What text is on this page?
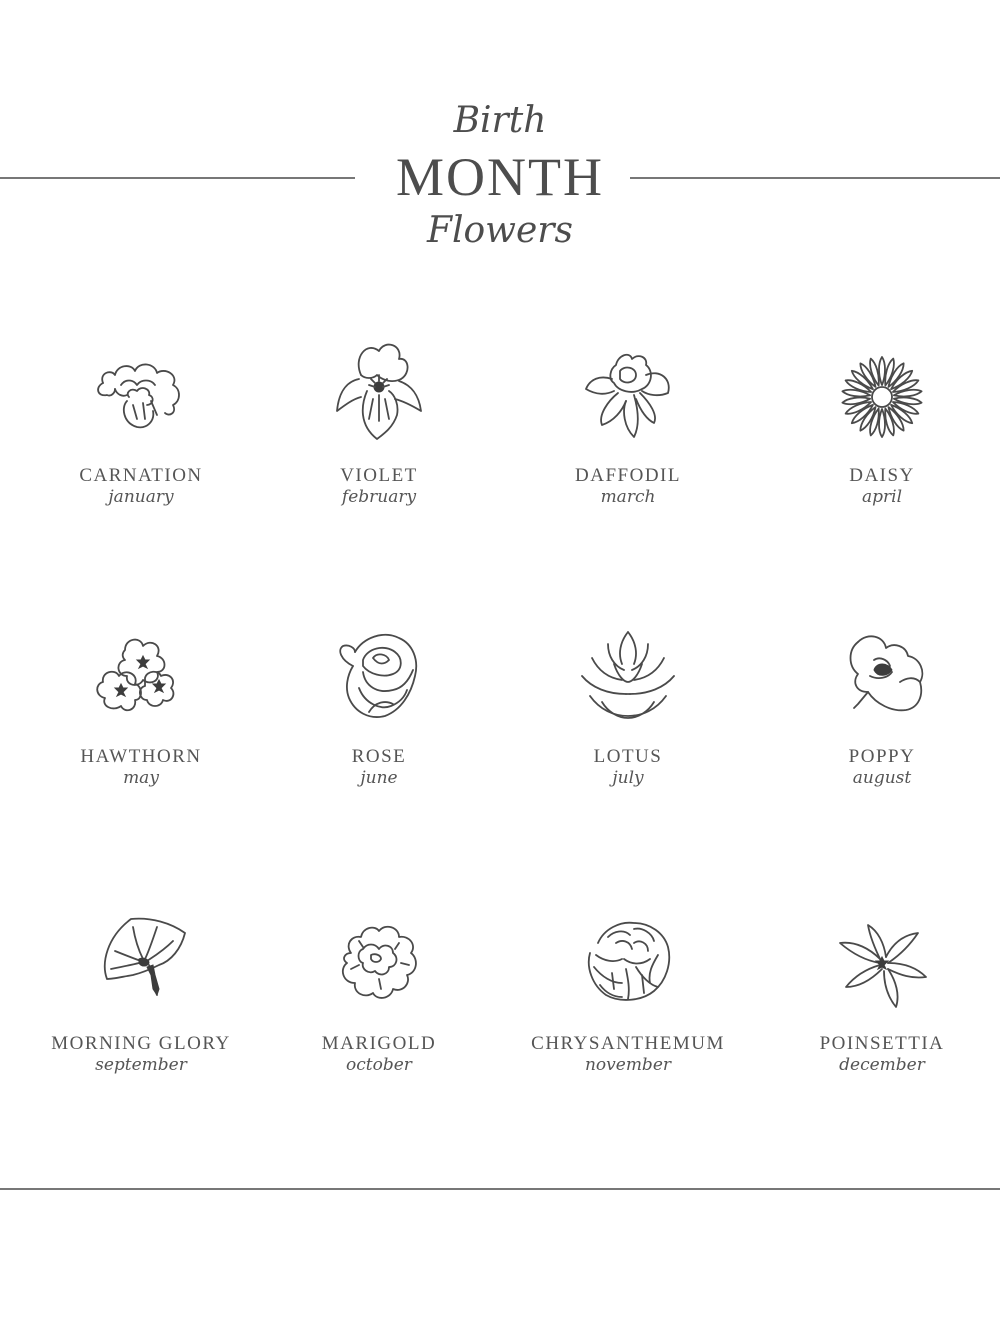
Birth
MONTH
Flowers
CARNATION
january
VIOLET
february
DAFFODIL
march
DAISY
april
HAWTHORN
may
ROSE
june
LOTUS
july
POPPY
august
MORNING GLORY
september
MARIGOLD
october
CHRYSANTHEMUM
november
POINSETTIA
december
